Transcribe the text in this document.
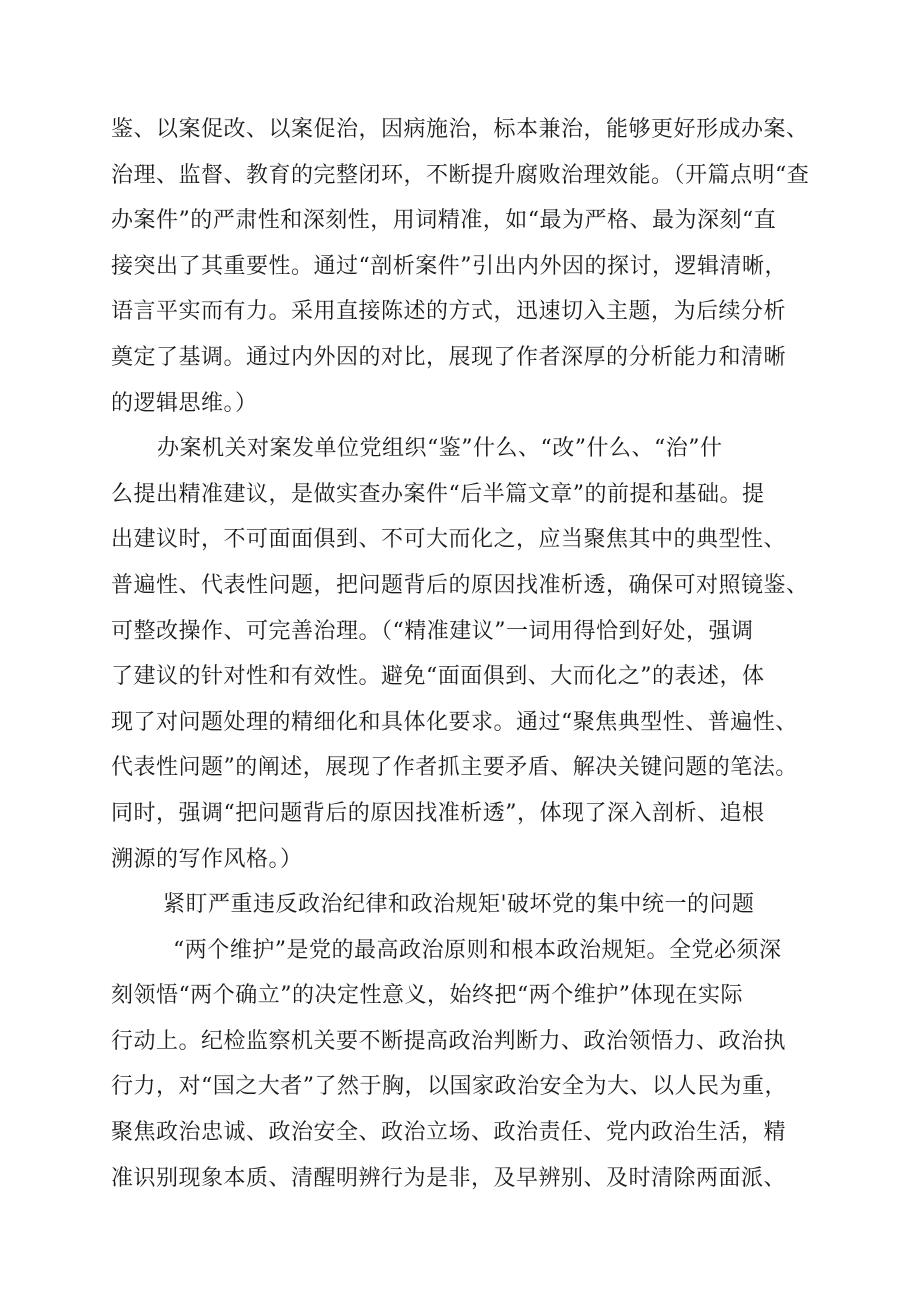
鉴、以案促改、以案促治，因病施治，标本兼治，能够更好形成办案、
治理、监督、教育的完整闭环，不断提升腐败治理效能。（开篇点明“查
办案件”的严肃性和深刻性，用词精准，如“最为严格、最为深刻“直
接突出了其重要性。通过“剖析案件”引出内外因的探讨，逻辑清晰，
语言平实而有力。采用直接陈述的方式，迅速切入主题，为后续分析
奠定了基调。通过内外因的对比，展现了作者深厚的分析能力和清晰
的逻辑思维。）
办案机关对案发单位党组织“鉴”什么、“改”什么、“治”什
么提出精准建议，是做实查办案件“后半篇文章”的前提和基础。提
出建议时，不可面面俱到、不可大而化之，应当聚焦其中的典型性、
普遍性、代表性问题，把问题背后的原因找准析透，确保可对照镜鉴、
可整改操作、可完善治理。（“精准建议”一词用得恰到好处，强调
了建议的针对性和有效性。避免“面面俱到、大而化之”的表述，体
现了对问题处理的精细化和具体化要求。通过“聚焦典型性、普遍性、
代表性问题”的阐述，展现了作者抓主要矛盾、解决关键问题的笔法。
同时，强调“把问题背后的原因找准析透”，体现了深入剖析、追根
溯源的写作风格。）
紧盯严重违反政治纪律和政治规矩'破坏党的集中统一的问题
“两个维护”是党的最高政治原则和根本政治规矩。全党必须深
刻领悟“两个确立”的决定性意义，始终把“两个维护”体现在实际
行动上。纪检监察机关要不断提高政治判断力、政治领悟力、政治执
行力，对“国之大者”了然于胸，以国家政治安全为大、以人民为重，
聚焦政治忠诚、政治安全、政治立场、政治责任、党内政治生活，精
准识别现象本质、清醒明辨行为是非，及早辨别、及时清除两面派、
